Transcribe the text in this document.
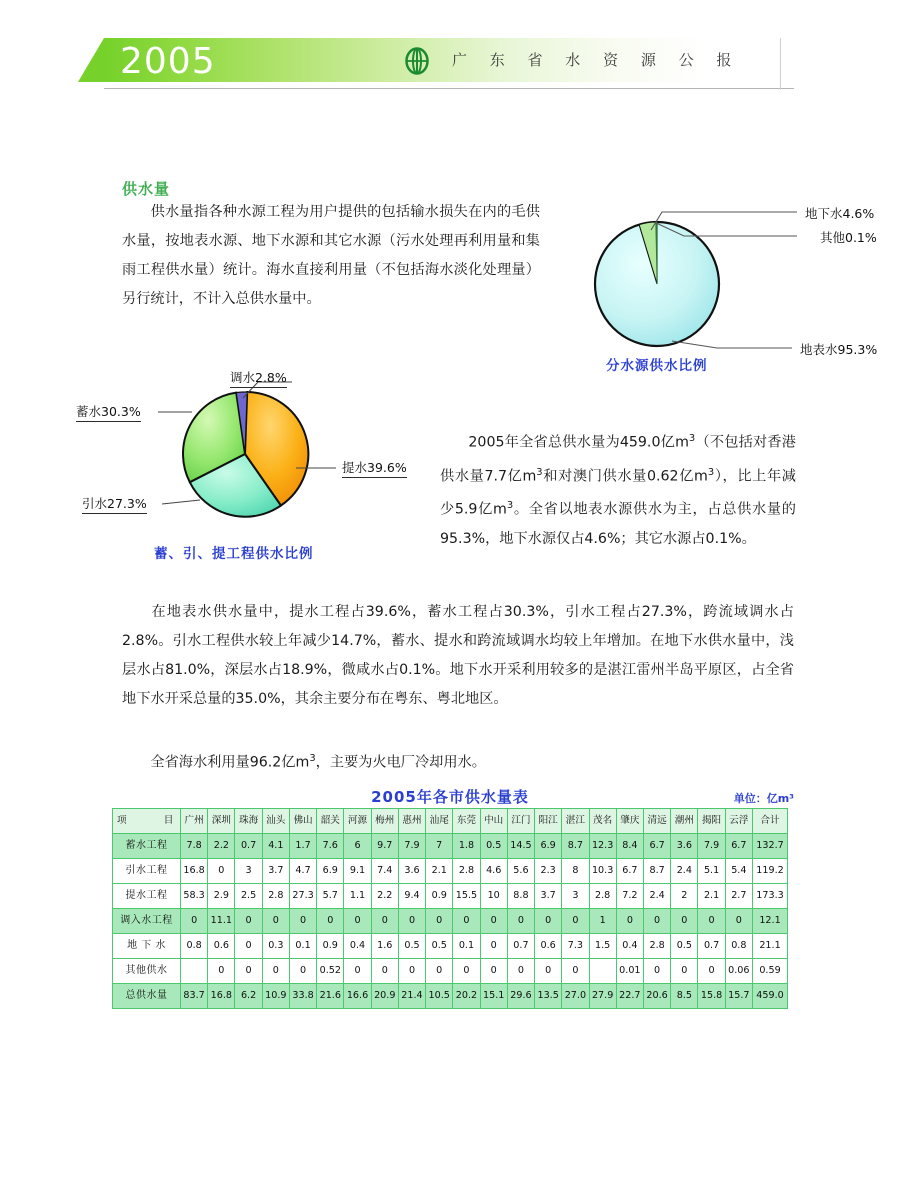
2005	广 东 省 水 资 源 公 报
供水量
供水量指各种水源工程为用户提供的包括输水损失在内的毛供水量，按地表水源、地下水源和其它水源（污水处理再利用量和集雨工程供水量）统计。海水直接利用量（不包括海水淡化处理量）另行统计，不计入总供水量中。
地下水4.6%
其他0.1%
地表水95.3%
分水源供水比例
调水2.8%
蓄水30.3%
提水39.6%
引水27.3%
蓄、引、提工程供水比例
2005年全省总供水量为459.0亿$m^3$（不包括对香港供水量7.7亿$m^3$和对澳门供水量0.62亿$m^3$），比上年减少5.9亿$m^3$。全省以地表水源供水为主，占总供水量的95.3%，地下水源仅占4.6%；其它水源占0.1%。
在地表水供水量中，提水工程占39.6%，蓄水工程占30.3%，引水工程占27.3%，跨流域调水占2.8%。引水工程供水较上年减少14.7%，蓄水、提水和跨流域调水均较上年增加。在地下水供水量中，浅层水占81.0%，深层水占18.9%，微咸水占0.1%。地下水开采利用较多的是湛江雷州半岛平原区，占全省地下水开采总量的35.0%，其余主要分布在粤东、粤北地区。
全省海水利用量96.2亿$m^3$，主要为火电厂冷却用水。
2005年各市供水量表	单位：亿m³
项　　目	广州	深圳	珠海	汕头	佛山	韶关	河源	梅州	惠州	汕尾	东莞	中山	江门	阳江	湛江	茂名	肇庆	清远	潮州	揭阳	云浮	合计
蓄水工程	7.8	2.2	0.7	4.1	1.7	7.6	6	9.7	7.9	7	1.8	0.5	14.5	6.9	8.7	12.3	8.4	6.7	3.6	7.9	6.7	132.7
引水工程	16.8	0	3	3.7	4.7	6.9	9.1	7.4	3.6	2.1	2.8	4.6	5.6	2.3	8	10.3	6.7	8.7	2.4	5.1	5.4	119.2
提水工程	58.3	2.9	2.5	2.8	27.3	5.7	1.1	2.2	9.4	0.9	15.5	10	8.8	3.7	3	2.8	7.2	2.4	2	2.1	2.7	173.3
调入水工程	0	11.1	0	0	0	0	0	0	0	0	0	0	0	0	0	1	0	0	0	0	0	12.1
地 下 水	0.8	0.6	0	0.3	0.1	0.9	0.4	1.6	0.5	0.5	0.1	0	0.7	0.6	7.3	1.5	0.4	2.8	0.5	0.7	0.8	21.1
其他供水		0	0	0	0	0.52	0	0	0	0	0	0	0	0	0		0.01	0	0	0	0.06	0.59
总供水量	83.7	16.8	6.2	10.9	33.8	21.6	16.6	20.9	21.4	10.5	20.2	15.1	29.6	13.5	27.0	27.9	22.7	20.6	8.5	15.8	15.7	459.0
